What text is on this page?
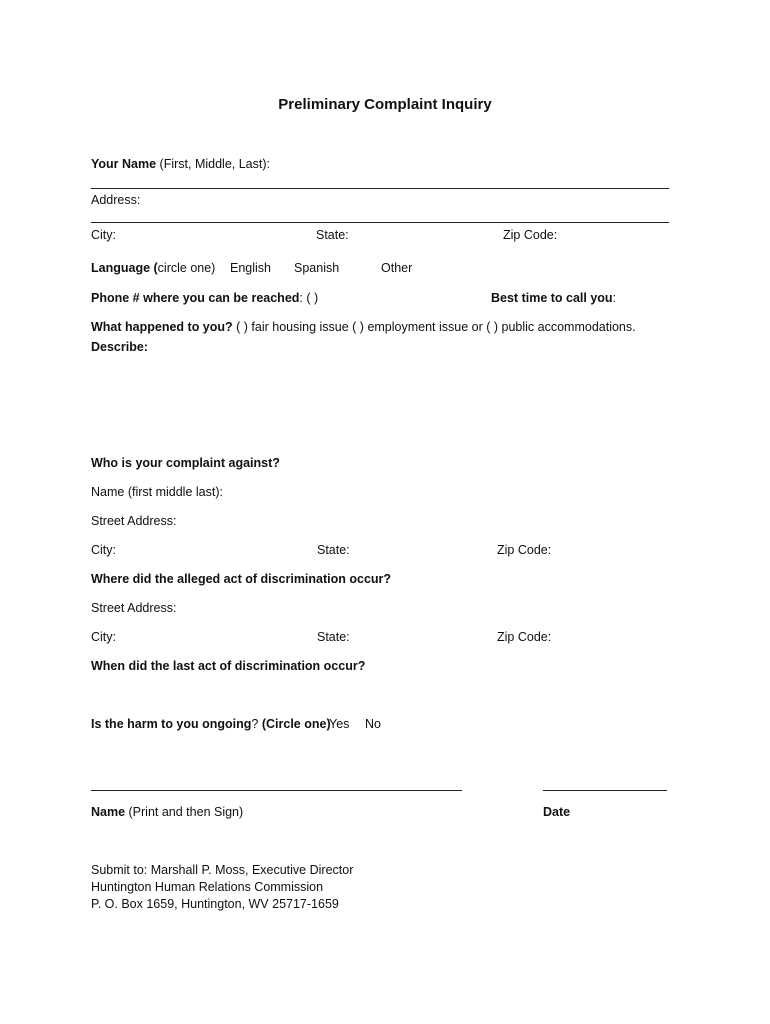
Preliminary Complaint Inquiry
Your Name (First, Middle, Last):
Address:
City:	State:	Zip Code:
Language (circle one) English Spanish	Other
Phone # where you can be reached: ( )	Best time to call you:
What happened to you? ( ) fair housing issue ( ) employment issue or ( ) public accommodations.
Describe:
Who is your complaint against?
Name (first middle last):
Street Address:
City:	State:	Zip Code:
Where did the alleged act of discrimination occur?
Street Address:
City:	State:	Zip Code:
When did the last act of discrimination occur?
Is the harm to you ongoing? (Circle one)
Yes No
Name (Print and then Sign)	Date
Submit to: Marshall P. Moss, Executive Director
Huntington Human Relations Commission
P. O. Box 1659, Huntington, WV 25717-1659
